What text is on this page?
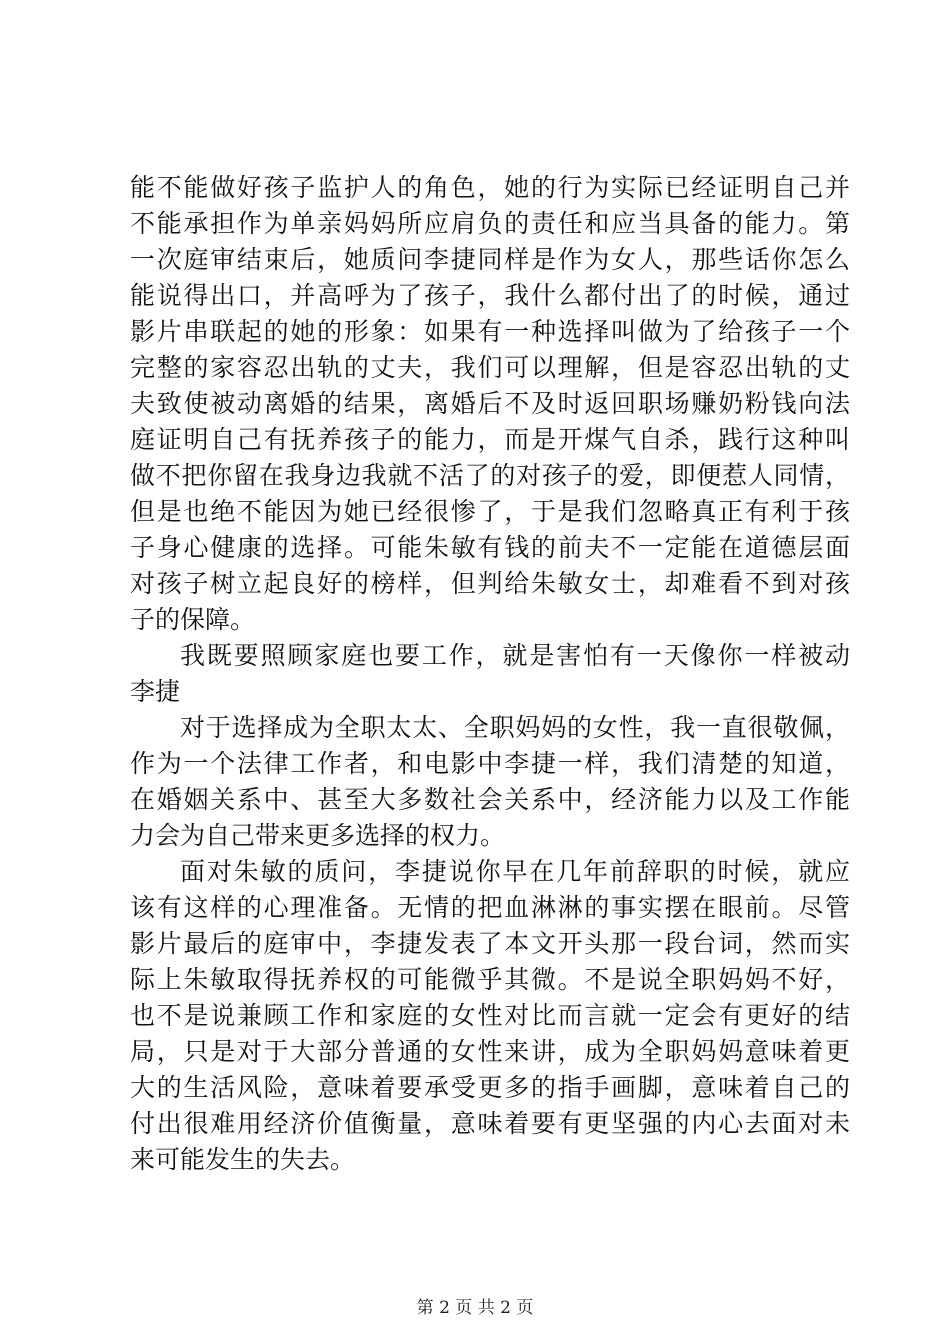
能不能做好孩子监护人的角色，她的行为实际已经证明自己并
不能承担作为单亲妈妈所应肩负的责任和应当具备的能力。第
一次庭审结束后，她质问李捷同样是作为女人，那些话你怎么
能说得出口，并高呼为了孩子，我什么都付出了的时候，通过
影片串联起的她的形象：如果有一种选择叫做为了给孩子一个
完整的家容忍出轨的丈夫，我们可以理解，但是容忍出轨的丈
夫致使被动离婚的结果，离婚后不及时返回职场赚奶粉钱向法
庭证明自己有抚养孩子的能力，而是开煤气自杀，践行这种叫
做不把你留在我身边我就不活了的对孩子的爱，即便惹人同情，
但是也绝不能因为她已经很惨了，于是我们忽略真正有利于孩
子身心健康的选择。可能朱敏有钱的前夫不一定能在道德层面
对孩子树立起良好的榜样，但判给朱敏女士，却难看不到对孩
子的保障。
我既要照顾家庭也要工作，就是害怕有一天像你一样被动
李捷
对于选择成为全职太太、全职妈妈的女性，我一直很敬佩，
作为一个法律工作者，和电影中李捷一样，我们清楚的知道，
在婚姻关系中、甚至大多数社会关系中，经济能力以及工作能
力会为自己带来更多选择的权力。
面对朱敏的质问，李捷说你早在几年前辞职的时候，就应
该有这样的心理准备。无情的把血淋淋的事实摆在眼前。尽管
影片最后的庭审中，李捷发表了本文开头那一段台词，然而实
际上朱敏取得抚养权的可能微乎其微。不是说全职妈妈不好，
也不是说兼顾工作和家庭的女性对比而言就一定会有更好的结
局，只是对于大部分普通的女性来讲，成为全职妈妈意味着更
大的生活风险，意味着要承受更多的指手画脚，意味着自己的
付出很难用经济价值衡量，意味着要有更坚强的内心去面对未
来可能发生的失去。
第 2 页 共 2 页
